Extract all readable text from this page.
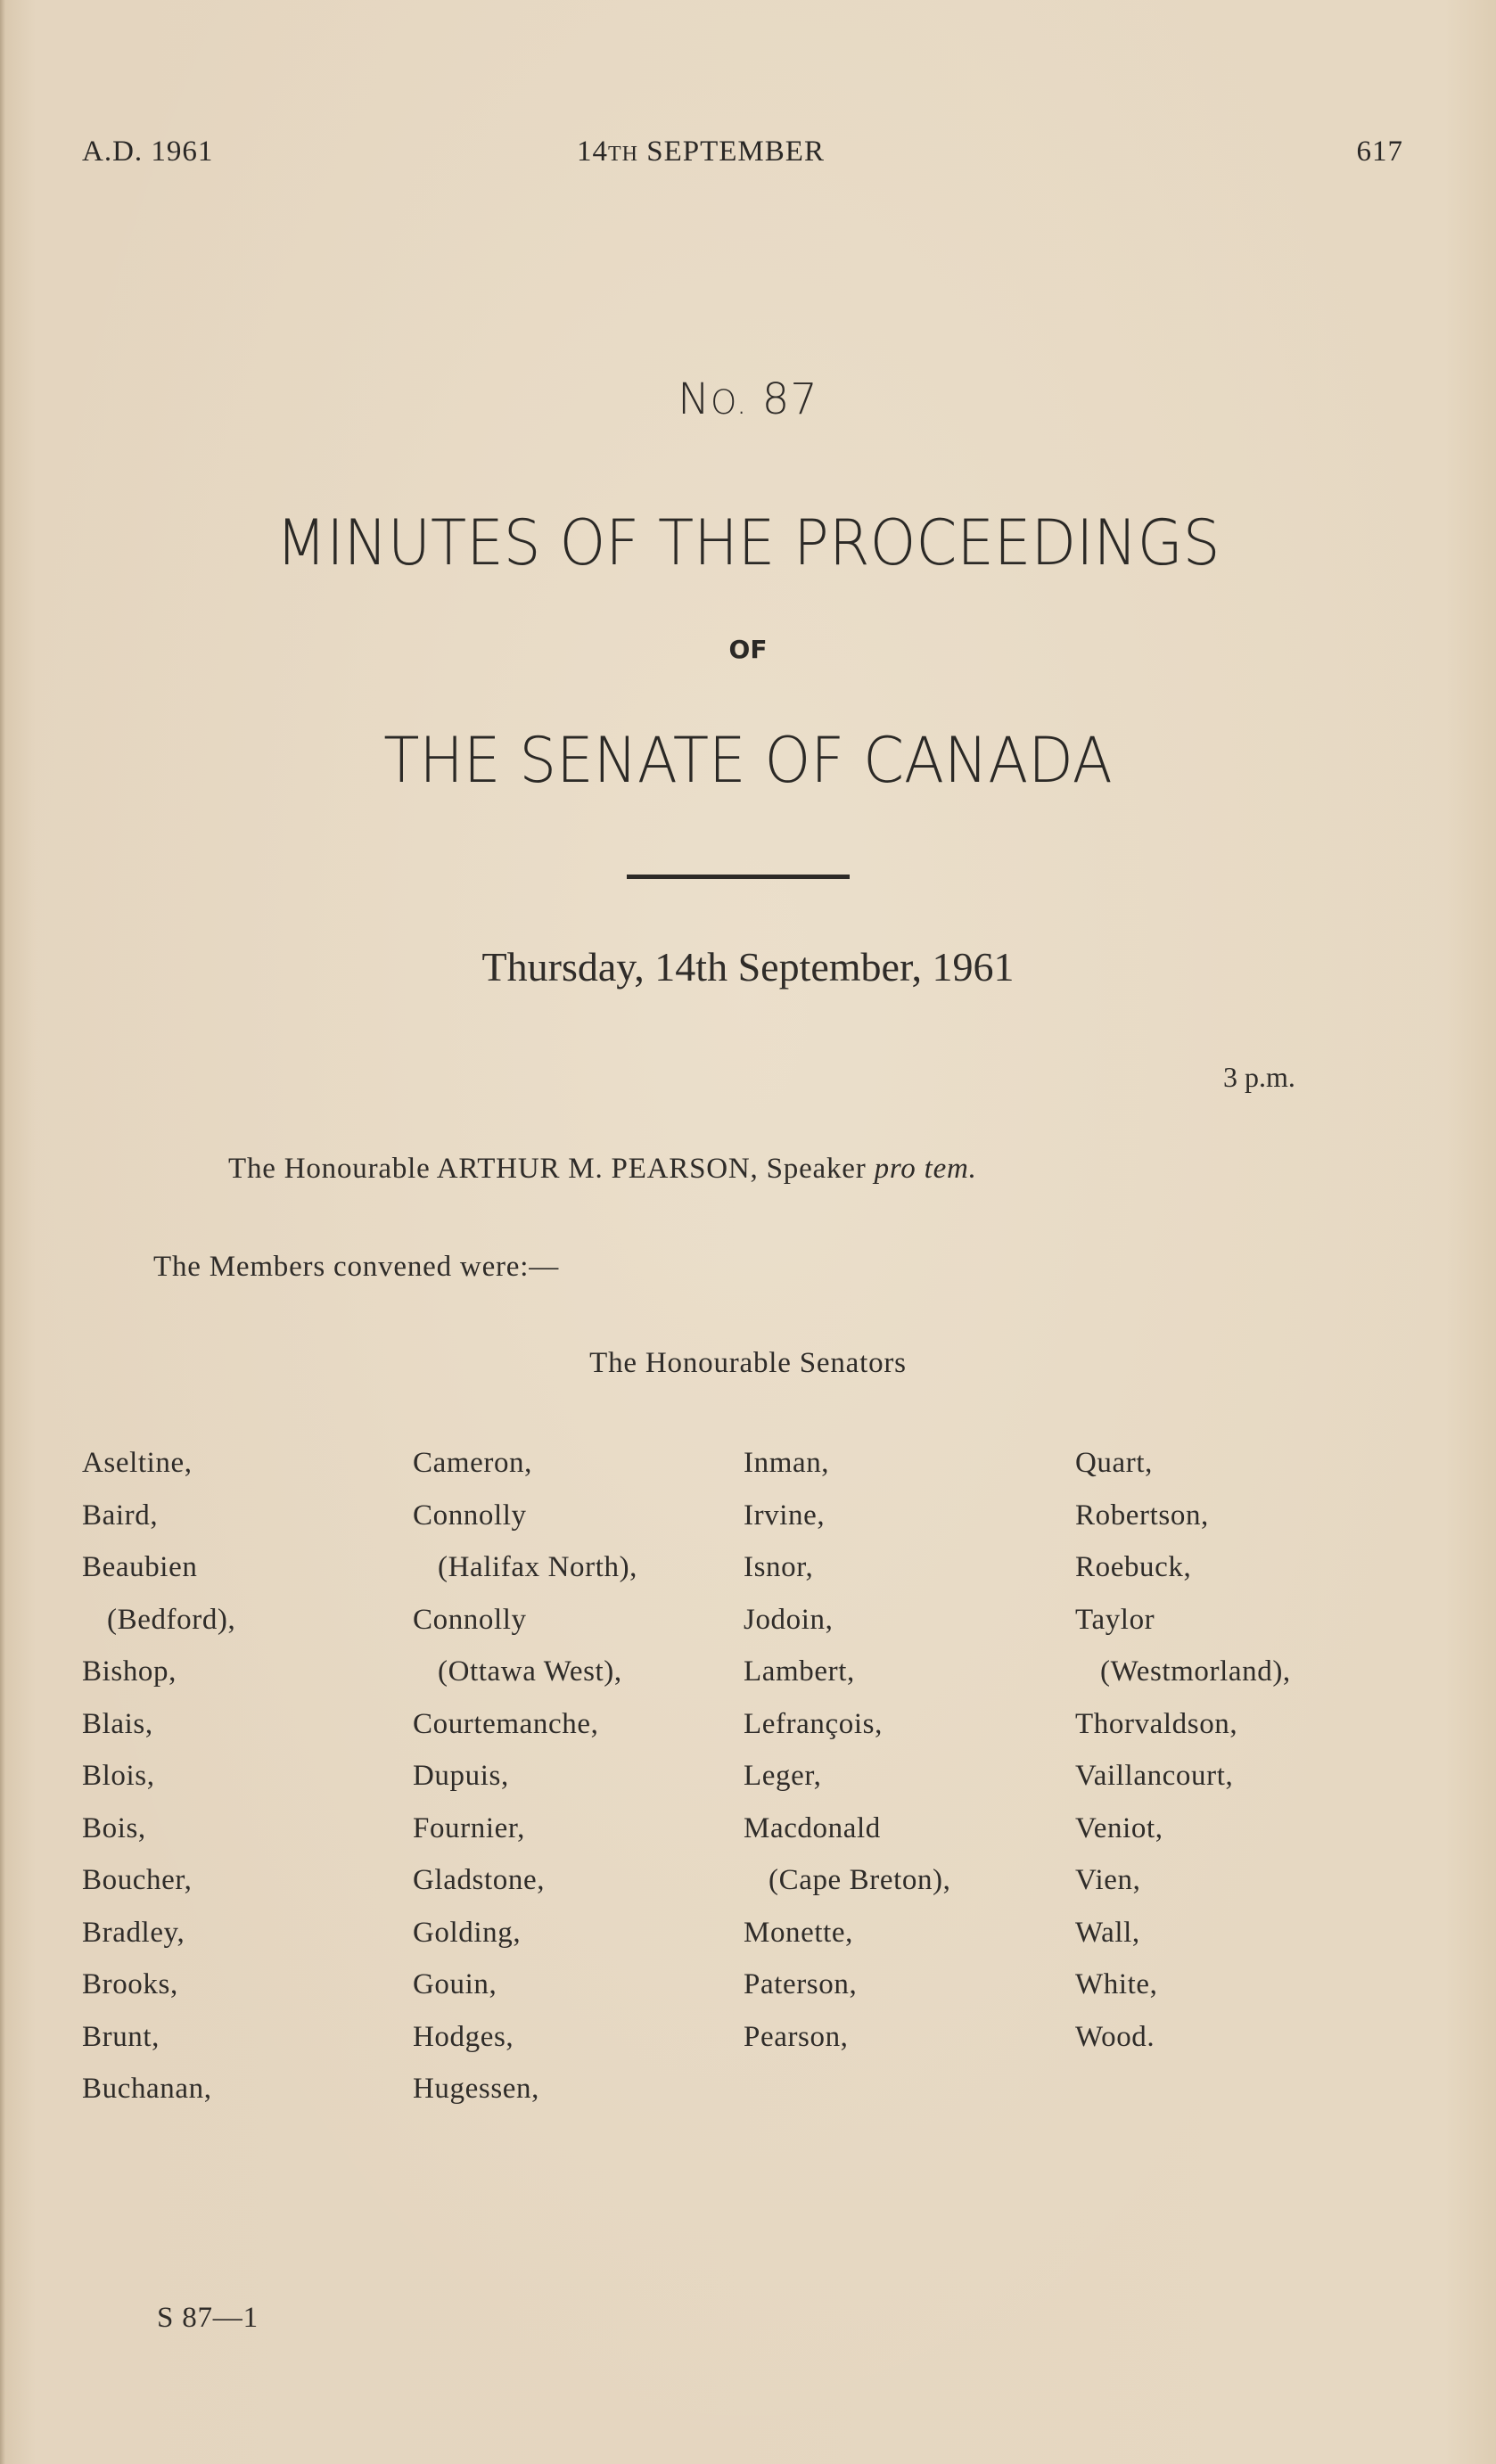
A.D. 1961	14TH SEPTEMBER	617
NO. 87
MINUTES OF THE PROCEEDINGS
OF
THE SENATE OF CANADA
Thursday, 14th September, 1961
3 p.m.
The Honourable ARTHUR M. PEARSON, Speaker pro tem.
The Members convened were:—
The Honourable Senators
Aseltine,
Baird,
Beaubien
(Bedford),
Bishop,
Blais,
Blois,
Bois,
Boucher,
Bradley,
Brooks,
Brunt,
Buchanan,
Cameron,
Connolly
(Halifax North),
Connolly
(Ottawa West),
Courtemanche,
Dupuis,
Fournier,
Gladstone,
Golding,
Gouin,
Hodges,
Hugessen,
Inman,
Irvine,
Isnor,
Jodoin,
Lambert,
Lefrançois,
Leger,
Macdonald
(Cape Breton),
Monette,
Paterson,
Pearson,
Quart,
Robertson,
Roebuck,
Taylor
(Westmorland),
Thorvaldson,
Vaillancourt,
Veniot,
Vien,
Wall,
White,
Wood.
S 87—1
